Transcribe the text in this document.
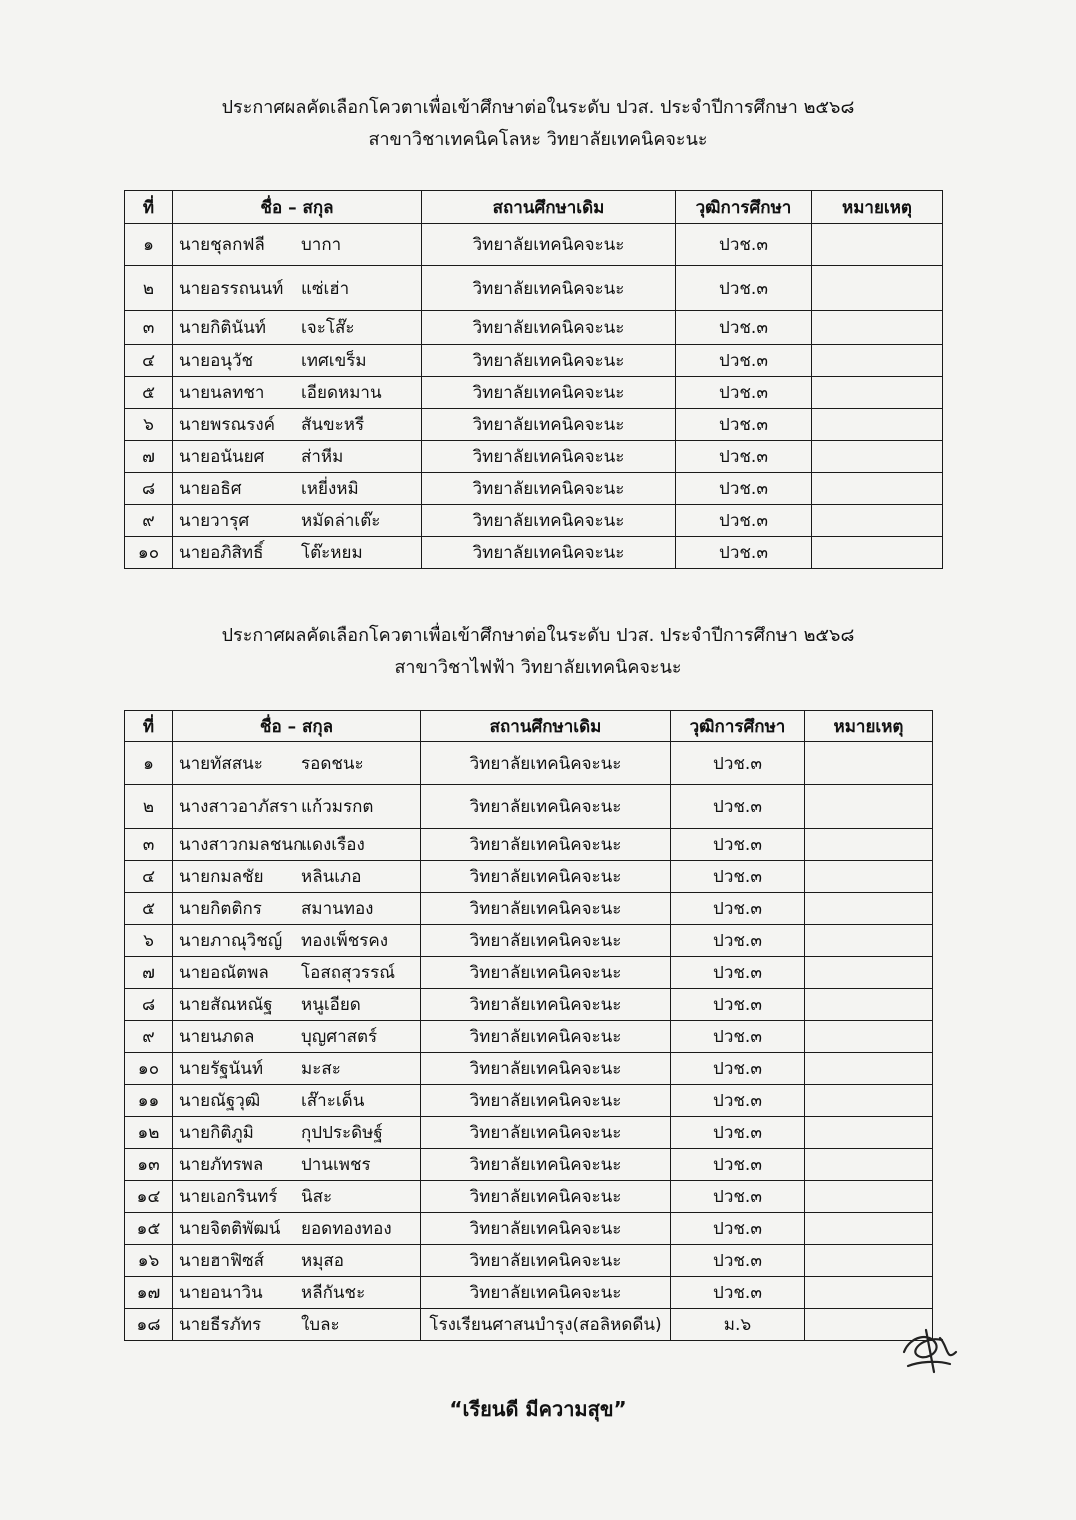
ประกาศผลคัดเลือกโควตาเพื่อเข้าศึกษาต่อในระดับ ปวส. ประจำปีการศึกษา ๒๕๖๘
สาขาวิชาเทคนิคโลหะ วิทยาลัยเทคนิคจะนะ
ที่	ชื่อ – สกุล	สถานศึกษาเดิม	วุฒิการศึกษา	หมายเหตุ
๑	นายชุลกฟลี บากา	วิทยาลัยเทคนิคจะนะ	ปวช.๓	
๒	นายอรรถนนท์ แซ่เฮ่า	วิทยาลัยเทคนิคจะนะ	ปวช.๓	
๓	นายกิตินันท์ เจะโส๊ะ	วิทยาลัยเทคนิคจะนะ	ปวช.๓	
๔	นายอนุวัช เทศเขร็ม	วิทยาลัยเทคนิคจะนะ	ปวช.๓	
๕	นายนลทชา เอียดหมาน	วิทยาลัยเทคนิคจะนะ	ปวช.๓	
๖	นายพรณรงค์ สันขะหรี	วิทยาลัยเทคนิคจะนะ	ปวช.๓	
๗	นายอนันยศ ส่าหีม	วิทยาลัยเทคนิคจะนะ	ปวช.๓	
๘	นายอธิศ เหยี่งหมิ	วิทยาลัยเทคนิคจะนะ	ปวช.๓	
๙	นายวารุศ หมัดล่าเต๊ะ	วิทยาลัยเทคนิคจะนะ	ปวช.๓	
๑๐	นายอภิสิทธิ์ โต๊ะหยม	วิทยาลัยเทคนิคจะนะ	ปวช.๓	
ประกาศผลคัดเลือกโควตาเพื่อเข้าศึกษาต่อในระดับ ปวส. ประจำปีการศึกษา ๒๕๖๘
สาขาวิชาไฟฟ้า วิทยาลัยเทคนิคจะนะ
ที่	ชื่อ – สกุล	สถานศึกษาเดิม	วุฒิการศึกษา	หมายเหตุ
๑	นายทัสสนะ รอดชนะ	วิทยาลัยเทคนิคจะนะ	ปวช.๓	
๒	นางสาวอาภัสรา แก้วมรกต	วิทยาลัยเทคนิคจะนะ	ปวช.๓	
๓	นางสาวกมลชนกแดงเรือง	วิทยาลัยเทคนิคจะนะ	ปวช.๓	
๔	นายกมลชัย หลินเภอ	วิทยาลัยเทคนิคจะนะ	ปวช.๓	
๕	นายกิตติกร สมานทอง	วิทยาลัยเทคนิคจะนะ	ปวช.๓	
๖	นายภาณุวิชญ์ ทองเพ็ชรคง	วิทยาลัยเทคนิคจะนะ	ปวช.๓	
๗	นายอณัตพล โอสถสุวรรณ์	วิทยาลัยเทคนิคจะนะ	ปวช.๓	
๘	นายสัณหณัฐ หนูเอียด	วิทยาลัยเทคนิคจะนะ	ปวช.๓	
๙	นายนภดล บุญศาสตร์	วิทยาลัยเทคนิคจะนะ	ปวช.๓	
๑๐	นายรัฐนันท์ มะสะ	วิทยาลัยเทคนิคจะนะ	ปวช.๓	
๑๑	นายณัฐวุฒิ เส๊าะเด็น	วิทยาลัยเทคนิคจะนะ	ปวช.๓	
๑๒	นายกิติภูมิ กุปประดิษฐ์	วิทยาลัยเทคนิคจะนะ	ปวช.๓	
๑๓	นายภัทรพล ปานเพชร	วิทยาลัยเทคนิคจะนะ	ปวช.๓	
๑๔	นายเอกรินทร์ นิสะ	วิทยาลัยเทคนิคจะนะ	ปวช.๓	
๑๕	นายจิตติพัฒน์ ยอดทองทอง	วิทยาลัยเทคนิคจะนะ	ปวช.๓	
๑๖	นายฮาฟิซส์ หมุสอ	วิทยาลัยเทคนิคจะนะ	ปวช.๓	
๑๗	นายอนาวิน หลีกันชะ	วิทยาลัยเทคนิคจะนะ	ปวช.๓	
๑๘	นายธีรภัทร ใบละ	โรงเรียนศาสนบำรุง(สอลิหดดีน)	ม.๖	
“เรียนดี มีความสุข”
